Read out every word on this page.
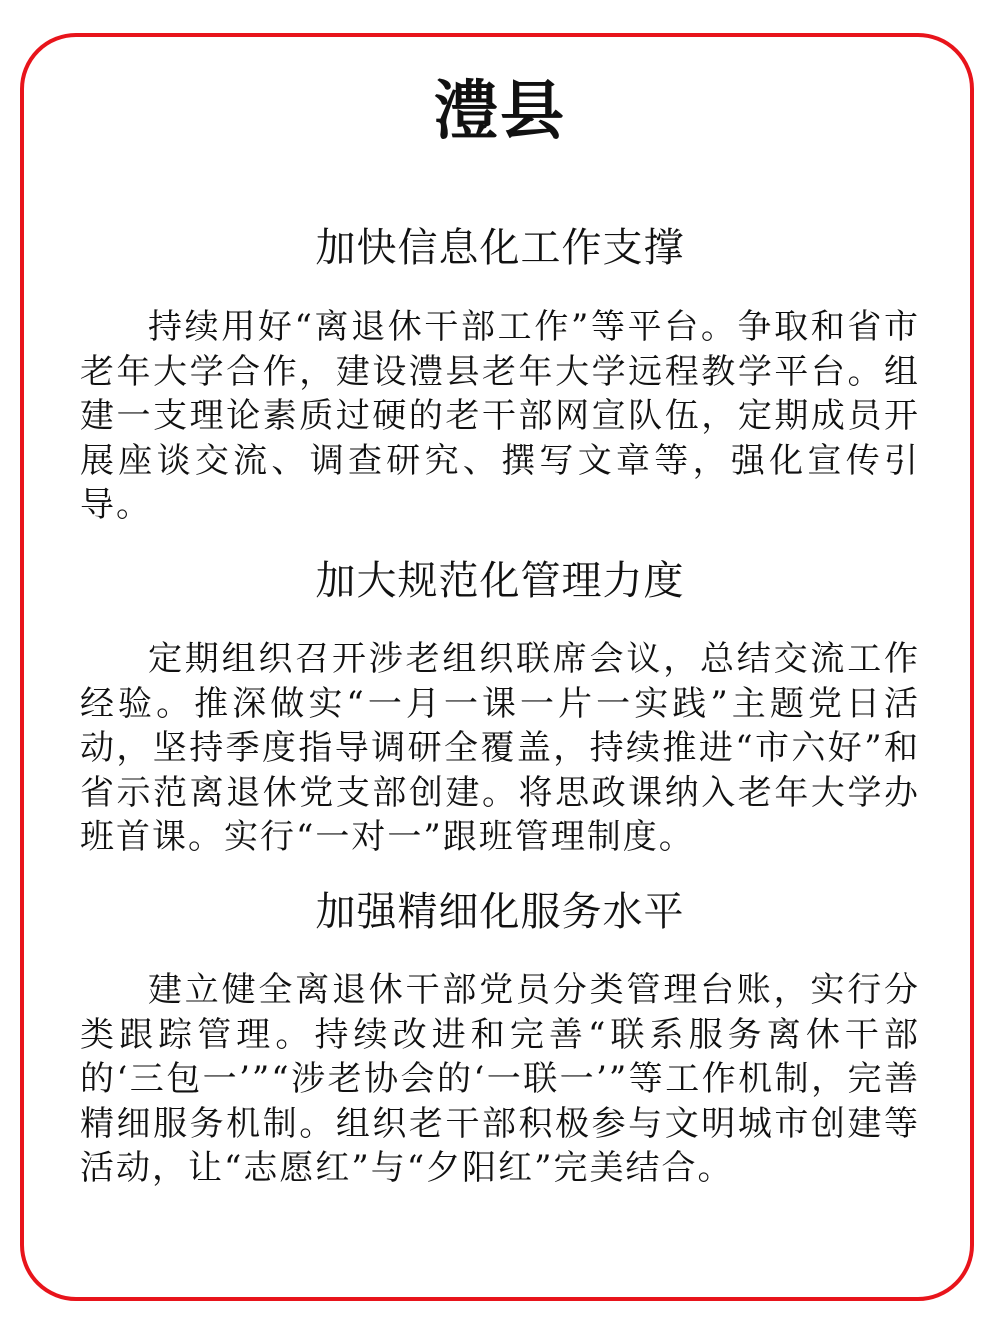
澧县
加快信息化工作支撑

持续用好“离退休干部工作”等平台。争取和省市老年大学合作，建设澧县老年大学远程教学平台。组建一支理论素质过硬的老干部网宣队伍，定期成员开展座谈交流、调查研究、撰写文章等，强化宣传引导。

加大规范化管理力度

定期组织召开涉老组织联席会议，总结交流工作经验。推深做实“一月一课一片一实践”主题党日活动，坚持季度指导调研全覆盖，持续推进“市六好”和省示范离退休党支部创建。将思政课纳入老年大学办班首课。实行“一对一”跟班管理制度。

加强精细化服务水平

建立健全离退休干部党员分类管理台账，实行分类跟踪管理。持续改进和完善“联系服务离休干部的‘三包一’”“涉老协会的‘一联一’”等工作机制，完善精细服务机制。组织老干部积极参与文明城市创建等活动，让“志愿红”与“夕阳红”完美结合。
